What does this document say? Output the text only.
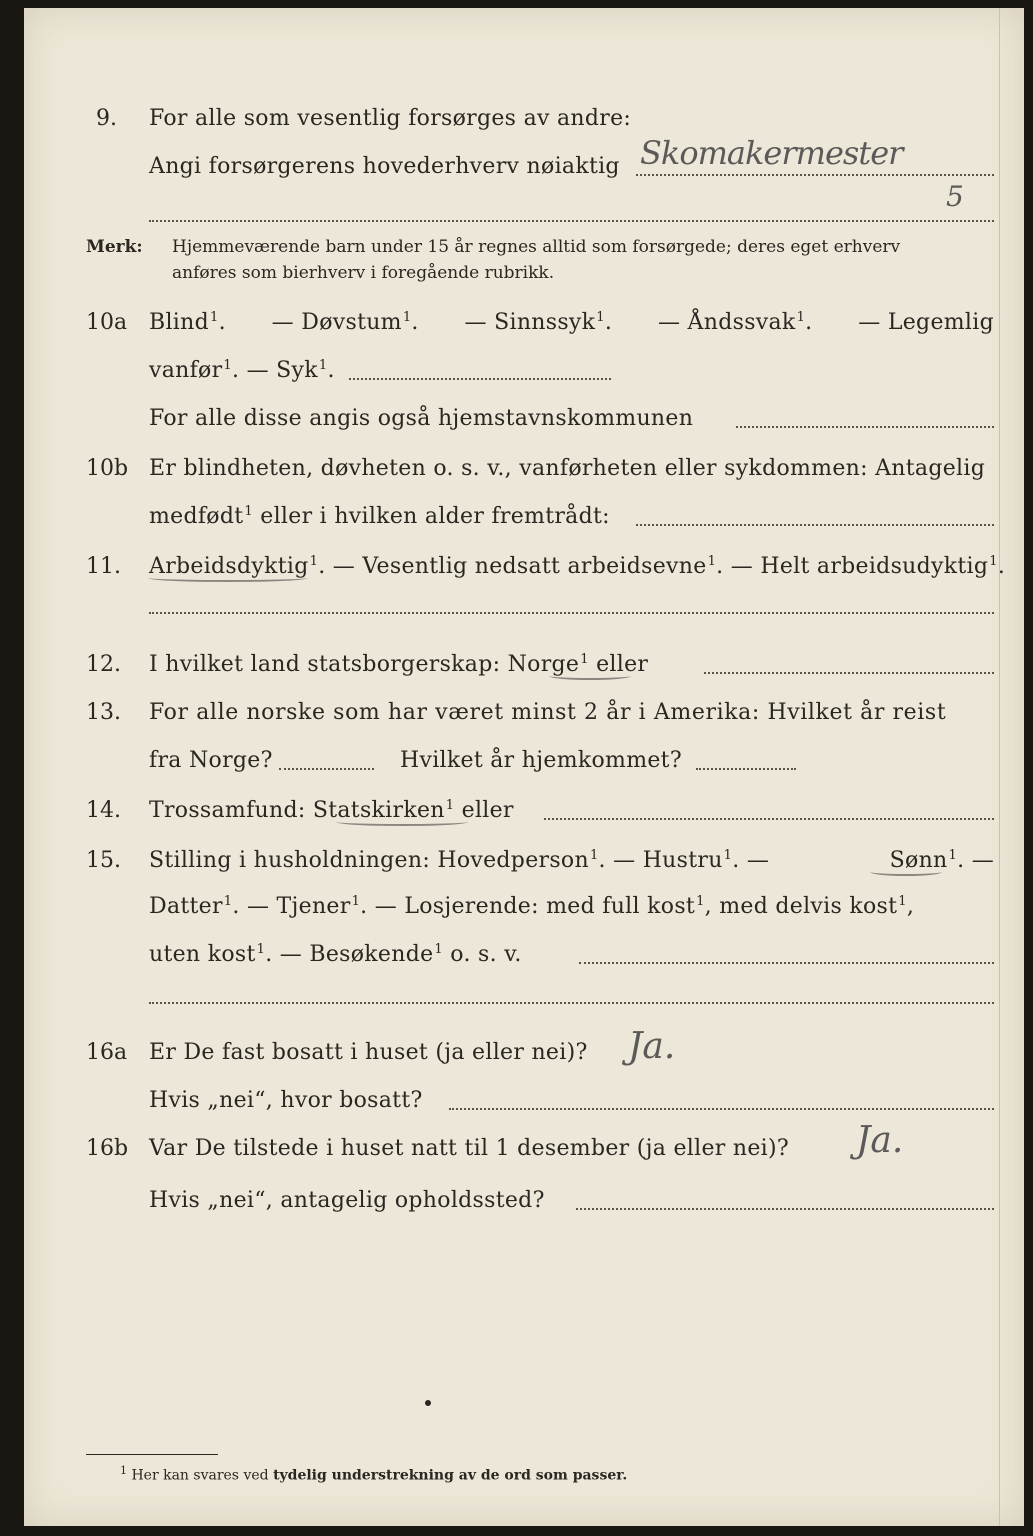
9. For alle som vesentlig forsørges av andre:
Angi forsørgerens hovederhverv nøiaktig Skomakermester
5
Merk: Hjemmeværende barn under 15 år regnes alltid som forsørgede; deres eget erhverv
anføres som bierhverv i foregående rubrikk.
10a Blind$^1$. — Døvstum$^1$. — Sinnssyk$^1$. — Åndssvak$^1$. — Legemlig
vanfør$^1$. — Syk$^1$.
For alle disse angis også hjemstavnskommunen
10b Er blindheten, døvheten o. s. v., vanførheten eller sykdommen: Antagelig
medfødt$^1$ eller i hvilken alder fremtrådt:
11. Arbeidsdyktig$^1$. — Vesentlig nedsatt arbeidsevne$^1$. — Helt arbeidsudyktig$^1$.
12. I hvilket land statsborgerskap: Norge$^1$ eller
13. For alle norske som har været minst 2 år i Amerika: Hvilket år reist
fra Norge?	Hvilket år hjemkommet?
14. Trossamfund: Statskirken$^1$ eller
15. Stilling i husholdningen: Hovedperson$^1$. — Hustru$^1$. —	Sønn$^1$. —
Datter$^1$. — Tjener$^1$. — Losjerende: med full kost$^1$, med delvis kost$^1$,
uten kost$^1$. — Besøkende$^1$ o. s. v.
16a Er De fast bosatt i huset (ja eller nei)? Ja.
Hvis „nei“, hvor bosatt?
16b Var De tilstede i huset natt til 1 desember (ja eller nei)? Ja.
Hvis „nei“, antagelig opholdssted?
$^1$ Her kan svares ved tydelig understrekning av de ord som passer.
